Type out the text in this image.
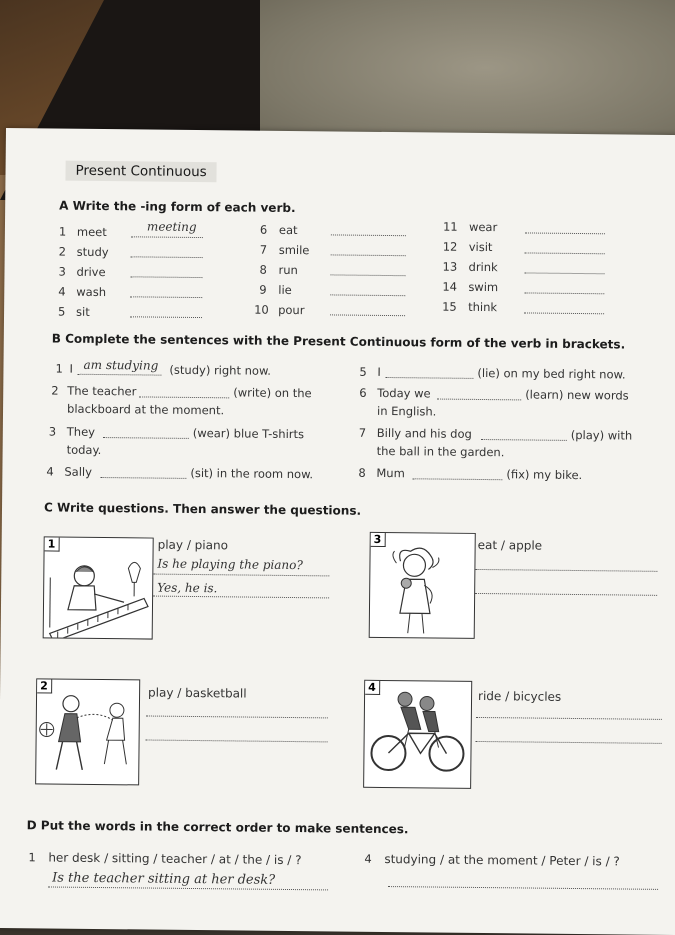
Present Continuous
A Write the -ing form of each verb.
1 meet	meeting
2 study
3 drive
4 wash
5 sit
6 eat
7 smile
8 run
9 lie
10 pour
11 wear
12 visit
13 drink
14 swim
15 think
B Complete the sentences with the Present Continuous form of the verb in brackets.
1 I am studying (study) right now.
2 The teacher	(write) on the
blackboard at the moment.
3 They	(wear) blue T-shirts
today.
4 Sally	(sit) in the room now.
5 I	(lie) on my bed right now.
6 Today we	(learn) new words
in English.
7 Billy and his dog	(play) with
the ball in the garden.
8 Mum	(fix) my bike.
C Write questions. Then answer the questions.
1	play / piano
Is he playing the piano?
Yes, he is.
3	eat / apple
2	play / basketball	4
ride / bicycles
D Put the words in the correct order to make sentences.
1 her desk / sitting / teacher / at / the / is / ?
Is the teacher sitting at her desk?
4 studying / at the moment / Peter / is / ?
